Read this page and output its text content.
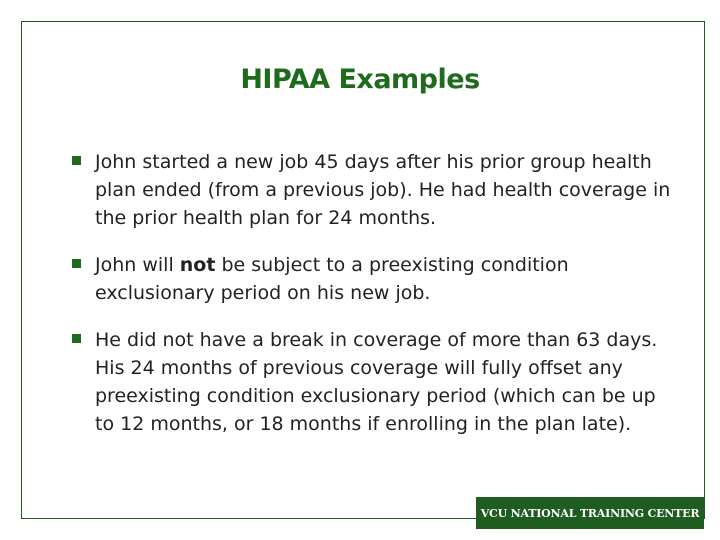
HIPAA Examples
John started a new job 45 days after his prior group health plan ended (from a previous job). He had health coverage in the prior health plan for 24 months.
John will not be subject to a preexisting condition exclusionary period on his new job.
He did not have a break in coverage of more than 63 days. His 24 months of previous coverage will fully offset any preexisting condition exclusionary period (which can be up to 12 months, or 18 months if enrolling in the plan late).
VCU NATIONAL TRAINING CENTER
